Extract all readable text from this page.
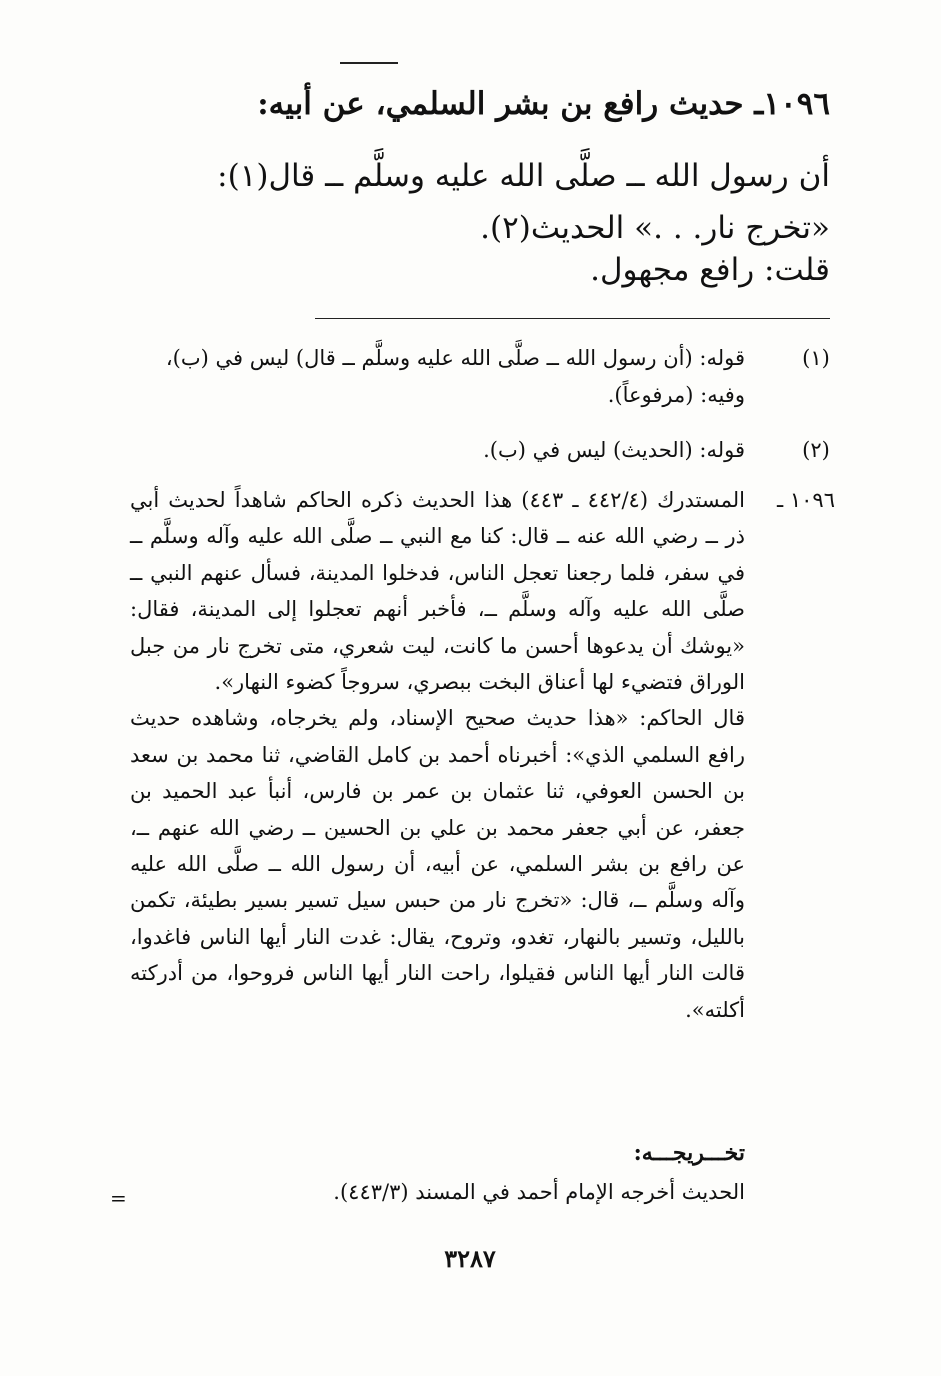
١٠٩٦ـ حديث رافع بن بشر السلمي، عن أبيه:
أن رسول الله ــ صلَّى الله عليه وسلَّم ــ قال(١): «تخرج نار. . .» الحديث(٢).
قلت: رافع مجهول.
(١)
قوله: (أن رسول الله ــ صلَّى الله عليه وسلَّم ــ قال) ليس في (ب)، وفيه: (مرفوعاً).
(٢)
قوله: (الحديث) ليس في (ب).
١٠٩٦ ـ

المستدرك (٤٤٢/٤ ـ ٤٤٣) هذا الحديث ذكره الحاكم شاهداً لحديث أبي ذر ــ رضي الله عنه ــ قال: كنا مع النبي ــ صلَّى الله عليه وآله وسلَّم ــ في سفر، فلما رجعنا تعجل الناس، فدخلوا المدينة، فسأل عنهم النبي ــ صلَّى الله عليه وآله وسلَّم ــ، فأخبر أنهم تعجلوا إلى المدينة، فقال: «يوشك أن يدعوها أحسن ما كانت، ليت شعري، متى تخرج نار من جبل الوراق فتضيء لها أعناق البخت ببصري، سروجاً كضوء النهار».

قال الحاكم: «هذا حديث صحيح الإسناد، ولم يخرجاه، وشاهده حديث رافع السلمي الذي»: أخبرناه أحمد بن كامل القاضي، ثنا محمد بن سعد بن الحسن العوفي، ثنا عثمان بن عمر بن فارس، أنبأ عبد الحميد بن جعفر، عن أبي جعفر محمد بن علي بن الحسين ــ رضي الله عنهم ــ، عن رافع بن بشر السلمي، عن أبيه، أن رسول الله ــ صلَّى الله عليه وآله وسلَّم ــ، قال: «تخرج نار من حبس سيل تسير بسير بطيئة، تكمن بالليل، وتسير بالنهار، تغدو، وتروح، يقال: غدت النار أيها الناس فاغدوا، قالت النار أيها الناس فقيلوا، راحت النار أيها الناس فروحوا، من أدركته أكلته».

تخـــريجـــه:
الحديث أخرجه الإمام أحمد في المسند (٤٤٣/٣).
=
٣٢٨٧
